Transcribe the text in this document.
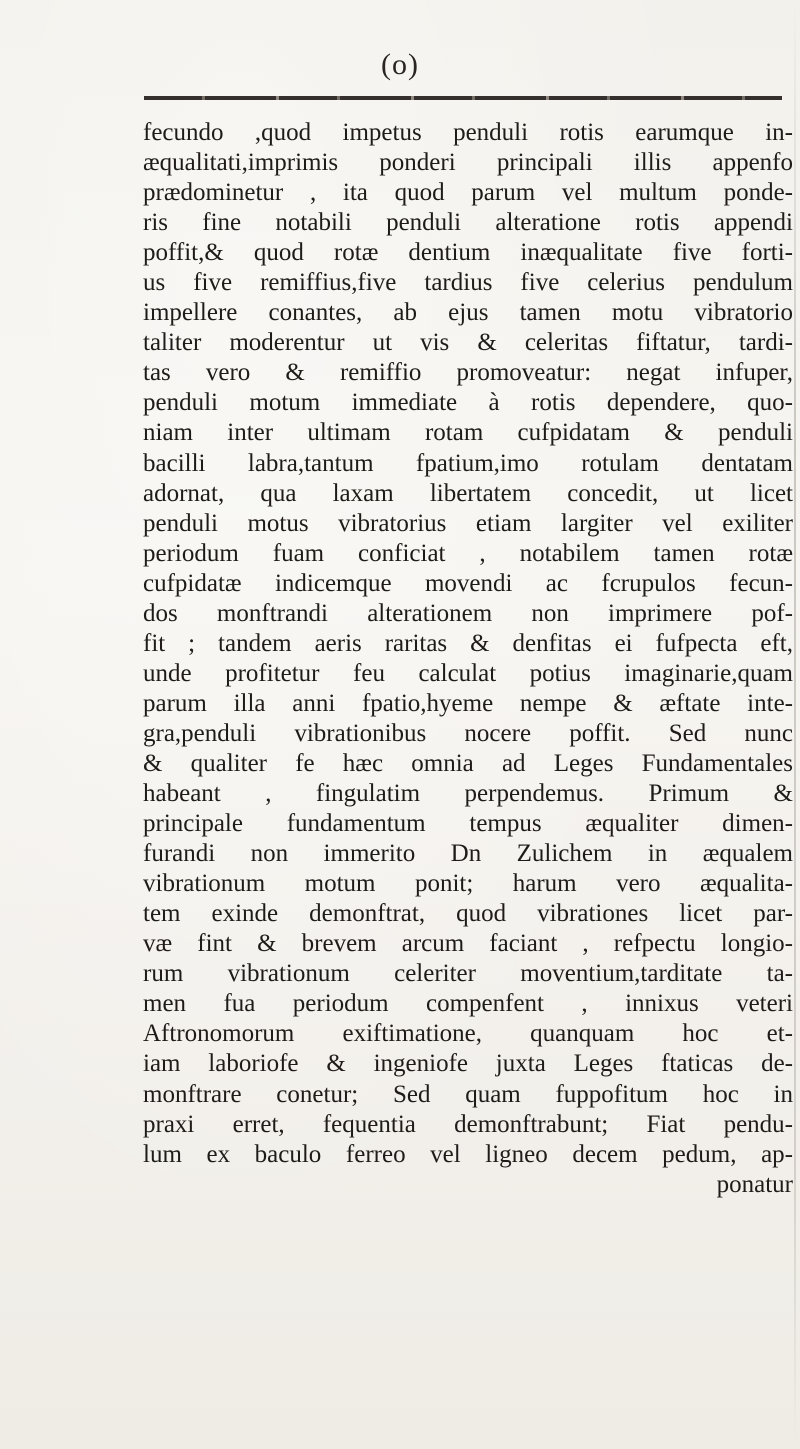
(o)
fecundo ,quod impetus penduli rotis earumque in-
æqualitati,imprimis ponderi principali illis appenfo
prædominetur , ita quod parum vel multum ponde-
ris fine notabili penduli alteratione rotis appendi
poffit,& quod rotæ dentium inæqualitate five forti-
us five remiffius,five tardius five celerius pendulum
impellere conantes, ab ejus tamen motu vibratorio
taliter moderentur ut vis & celeritas fiftatur, tardi-
tas vero & remiffio promoveatur: negat infuper,
penduli motum immediate à rotis dependere, quo-
niam inter ultimam rotam cufpidatam & penduli
bacilli labra,tantum fpatium,imo rotulam dentatam
adornat, qua laxam libertatem concedit, ut licet
penduli motus vibratorius etiam largiter vel exiliter
periodum fuam conficiat , notabilem tamen rotæ
cufpidatæ indicemque movendi ac fcrupulos fecun-
dos monftrandi alterationem non imprimere pof-
fit ; tandem aeris raritas & denfitas ei fufpecta eft,
unde profitetur feu calculat potius imaginarie,quam
parum illa anni fpatio,hyeme nempe & æftate inte-
gra,penduli vibrationibus nocere poffit. Sed nunc
& qualiter fe hæc omnia ad Leges Fundamentales
habeant , fingulatim perpendemus. Primum &
principale fundamentum tempus æqualiter dimen-
furandi non immerito Dn Zulichem in æqualem
vibrationum motum ponit; harum vero æqualita-
tem exinde demonftrat, quod vibrationes licet par-
væ fint & brevem arcum faciant , refpectu longio-
rum vibrationum celeriter moventium,tarditate ta-
men fua periodum compenfent , innixus veteri
Aftronomorum exiftimatione, quanquam hoc et-
iam laboriofe & ingeniofe juxta Leges ftaticas de-
monftrare conetur; Sed quam fuppofitum hoc in
praxi erret, fequentia demonftrabunt; Fiat pendu-
lum ex baculo ferreo vel ligneo decem pedum, ap-
ponatur
